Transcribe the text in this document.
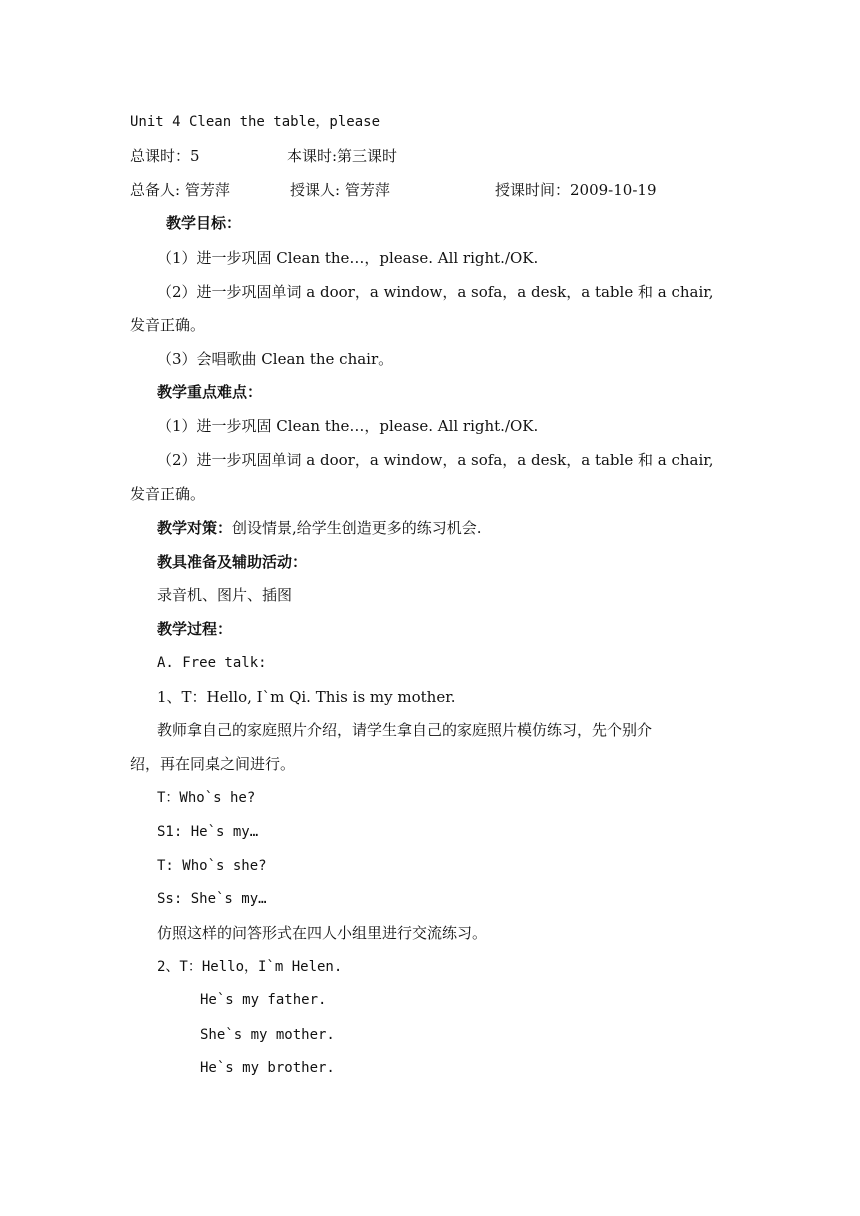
Unit 4 Clean the table，please
总课时：5	本课时:第三课时
总备人: 管芳萍	授课人: 管芳萍	授课时间：2009-10-19
教学目标：
（1）进一步巩固 Clean the…，please. All right./OK.
（2）进一步巩固单词 a door，a window，a sofa，a desk，a table 和 a chair,
发音正确。
（3）会唱歌曲 Clean the chair。
教学重点难点：
（1）进一步巩固 Clean the…，please. All right./OK.
（2）进一步巩固单词 a door，a window，a sofa，a desk，a table 和 a chair,
发音正确。
教学对策：创设情景,给学生创造更多的练习机会.
教具准备及辅助活动：
录音机、图片、插图
教学过程：
A. Free talk:
1、T：Hello, I`m Qi. This is my mother.
教师拿自己的家庭照片介绍，请学生拿自己的家庭照片模仿练习，先个别介
绍，再在同桌之间进行。
T：Who`s he?
S1: He`s my…
T: Who`s she?
Ss: She`s my…
仿照这样的问答形式在四人小组里进行交流练习。
2、T：Hello，I`m Helen.
He`s my father.
She`s my mother.
He`s my brother.
